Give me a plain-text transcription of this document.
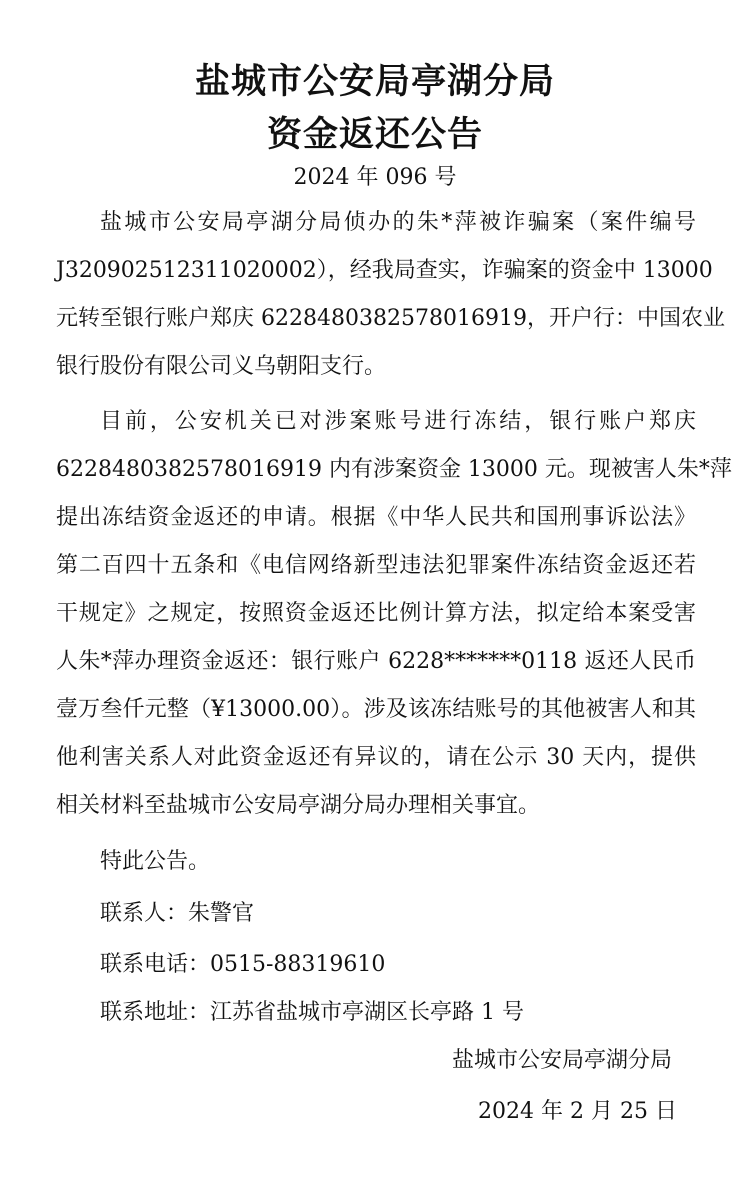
盐城市公安局亭湖分局
资金返还公告
2024 年 096 号
盐城市公安局亭湖分局侦办的朱*萍被诈骗案（案件编号
J320902512311020002），经我局查实，诈骗案的资金中 13000
元转至银行账户郑庆 6228480382578016919，开户行：中国农业
银行股份有限公司义乌朝阳支行。
目前，公安机关已对涉案账号进行冻结，银行账户郑庆
6228480382578016919 内有涉案资金 13000 元。现被害人朱*萍
提出冻结资金返还的申请。根据《中华人民共和国刑事诉讼法》
第二百四十五条和《电信网络新型违法犯罪案件冻结资金返还若
干规定》之规定，按照资金返还比例计算方法，拟定给本案受害
人朱*萍办理资金返还：银行账户 6228*******0118 返还人民币
壹万叁仟元整（¥13000.00）。涉及该冻结账号的其他被害人和其
他利害关系人对此资金返还有异议的，请在公示 30 天内，提供
相关材料至盐城市公安局亭湖分局办理相关事宜。
特此公告。
联系人：朱警官
联系电话：0515-88319610
联系地址：江苏省盐城市亭湖区长亭路 1 号
盐城市公安局亭湖分局
2024 年 2 月 25 日
